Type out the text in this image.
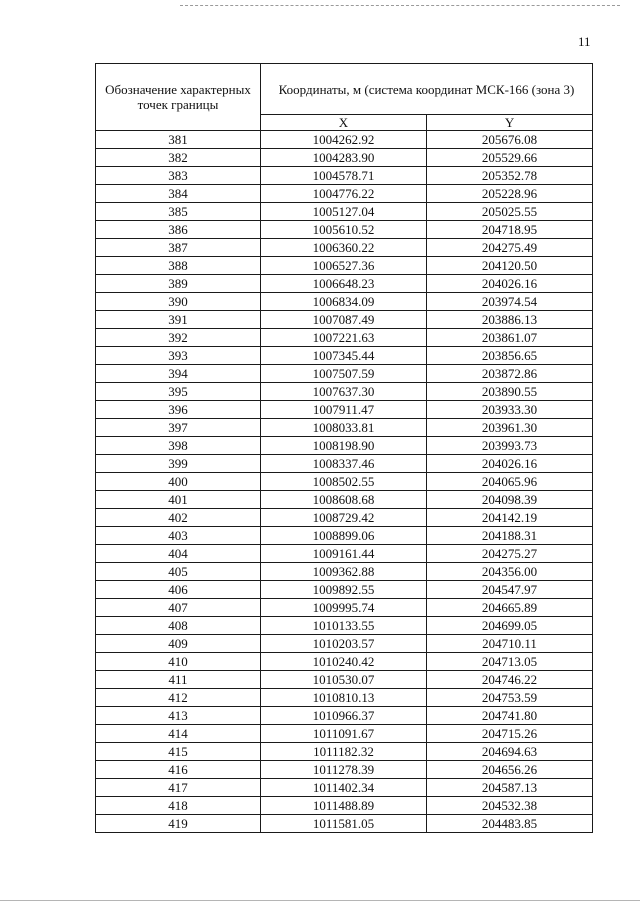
11
Обозначение характерных точек границы	Координаты, м (система координат МСК-166 (зона 3)	
	X	Y
381	1004262.92	205676.08
382	1004283.90	205529.66
383	1004578.71	205352.78
384	1004776.22	205228.96
385	1005127.04	205025.55
386	1005610.52	204718.95
387	1006360.22	204275.49
388	1006527.36	204120.50
389	1006648.23	204026.16
390	1006834.09	203974.54
391	1007087.49	203886.13
392	1007221.63	203861.07
393	1007345.44	203856.65
394	1007507.59	203872.86
395	1007637.30	203890.55
396	1007911.47	203933.30
397	1008033.81	203961.30
398	1008198.90	203993.73
399	1008337.46	204026.16
400	1008502.55	204065.96
401	1008608.68	204098.39
402	1008729.42	204142.19
403	1008899.06	204188.31
404	1009161.44	204275.27
405	1009362.88	204356.00
406	1009892.55	204547.97
407	1009995.74	204665.89
408	1010133.55	204699.05
409	1010203.57	204710.11
410	1010240.42	204713.05
411	1010530.07	204746.22
412	1010810.13	204753.59
413	1010966.37	204741.80
414	1011091.67	204715.26
415	1011182.32	204694.63
416	1011278.39	204656.26
417	1011402.34	204587.13
418	1011488.89	204532.38
419	1011581.05	204483.85
